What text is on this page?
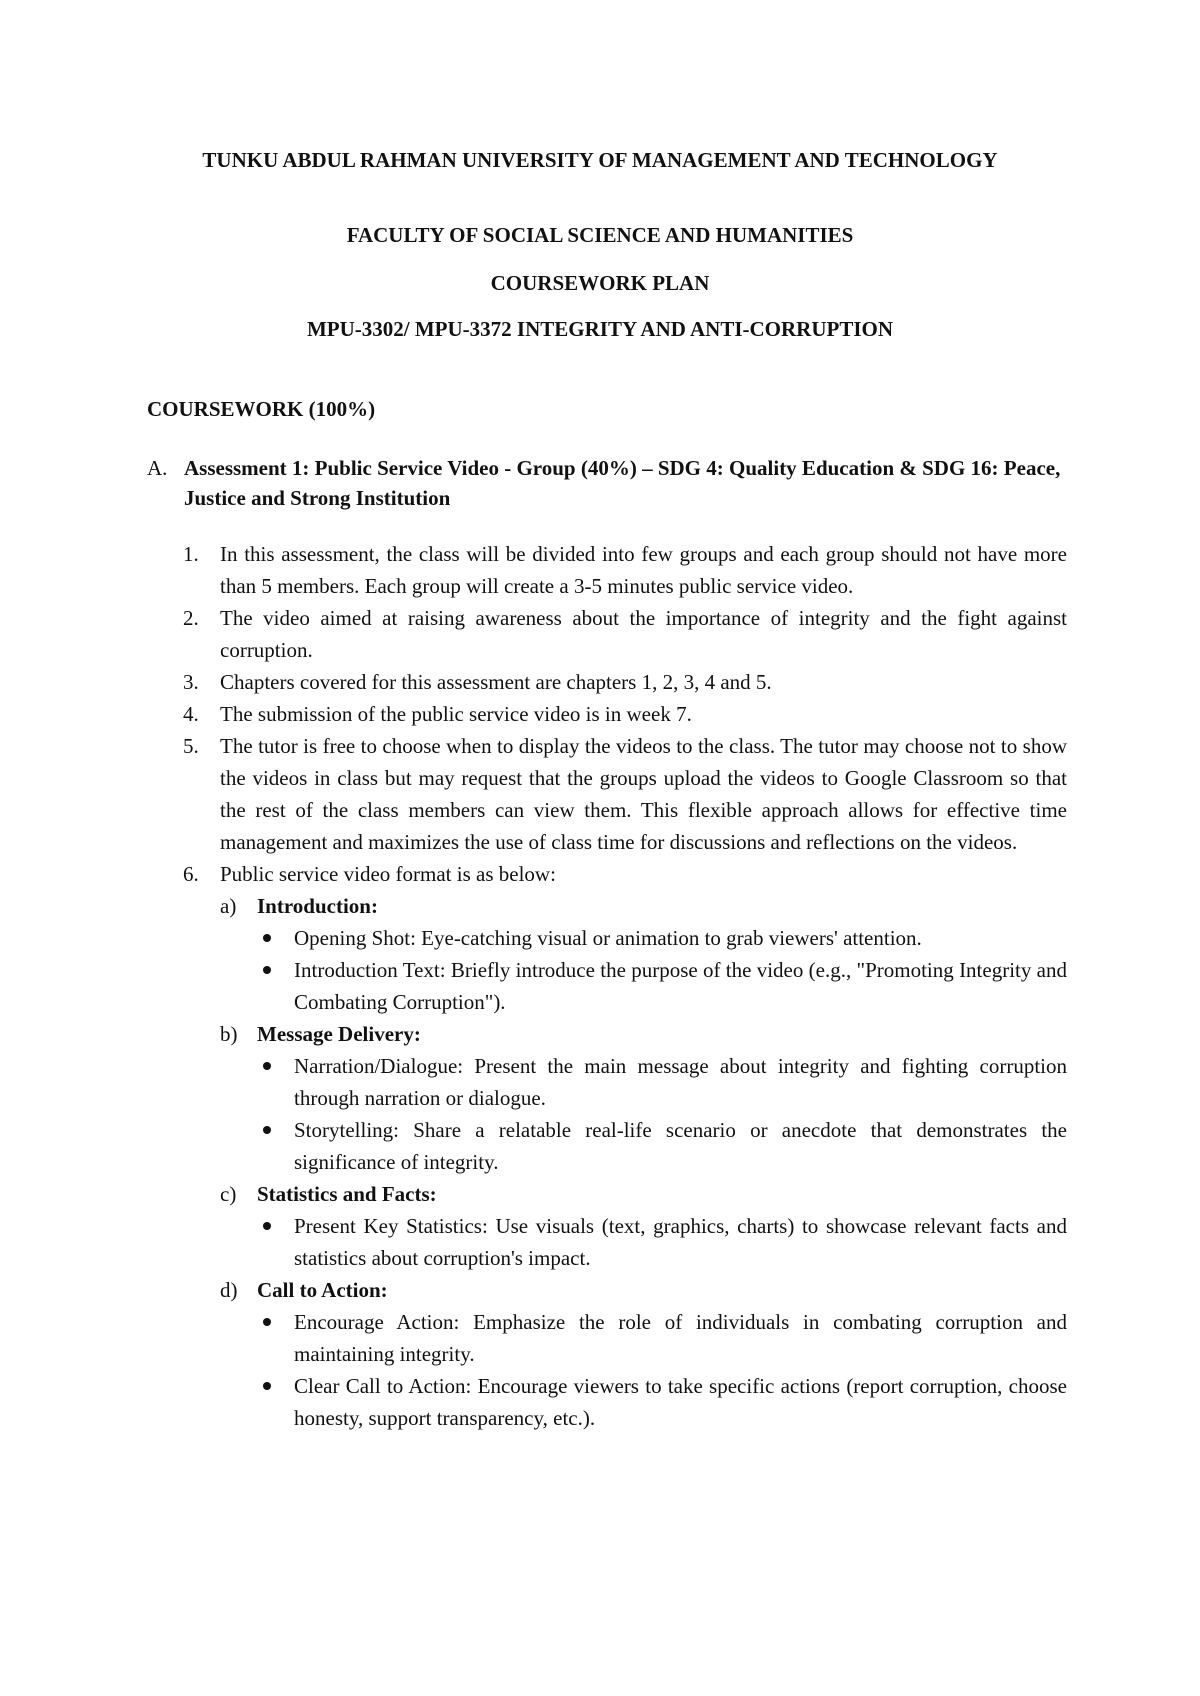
TUNKU ABDUL RAHMAN UNIVERSITY OF MANAGEMENT AND TECHNOLOGY
FACULTY OF SOCIAL SCIENCE AND HUMANITIES
COURSEWORK PLAN
MPU-3302/ MPU-3372 INTEGRITY AND ANTI-CORRUPTION
COURSEWORK (100%)
A. Assessment 1: Public Service Video - Group (40%) – SDG 4: Quality Education & SDG 16: Peace, Justice and Strong Institution
1. In this assessment, the class will be divided into few groups and each group should not have more than 5 members. Each group will create a 3-5 minutes public service video.
2. The video aimed at raising awareness about the importance of integrity and the fight against corruption.
3. Chapters covered for this assessment are chapters 1, 2, 3, 4 and 5.
4. The submission of the public service video is in week 7.
5. The tutor is free to choose when to display the videos to the class. The tutor may choose not to show the videos in class but may request that the groups upload the videos to Google Classroom so that the rest of the class members can view them. This flexible approach allows for effective time management and maximizes the use of class time for discussions and reflections on the videos.
6. Public service video format is as below:
a) Introduction:
Opening Shot: Eye-catching visual or animation to grab viewers' attention.
Introduction Text: Briefly introduce the purpose of the video (e.g., "Promoting Integrity and Combating Corruption").
b) Message Delivery:
Narration/Dialogue: Present the main message about integrity and fighting corruption through narration or dialogue.
Storytelling: Share a relatable real-life scenario or anecdote that demonstrates the significance of integrity.
c) Statistics and Facts:
Present Key Statistics: Use visuals (text, graphics, charts) to showcase relevant facts and statistics about corruption's impact.
d) Call to Action:
Encourage Action: Emphasize the role of individuals in combating corruption and maintaining integrity.
Clear Call to Action: Encourage viewers to take specific actions (report corruption, choose honesty, support transparency, etc.).
